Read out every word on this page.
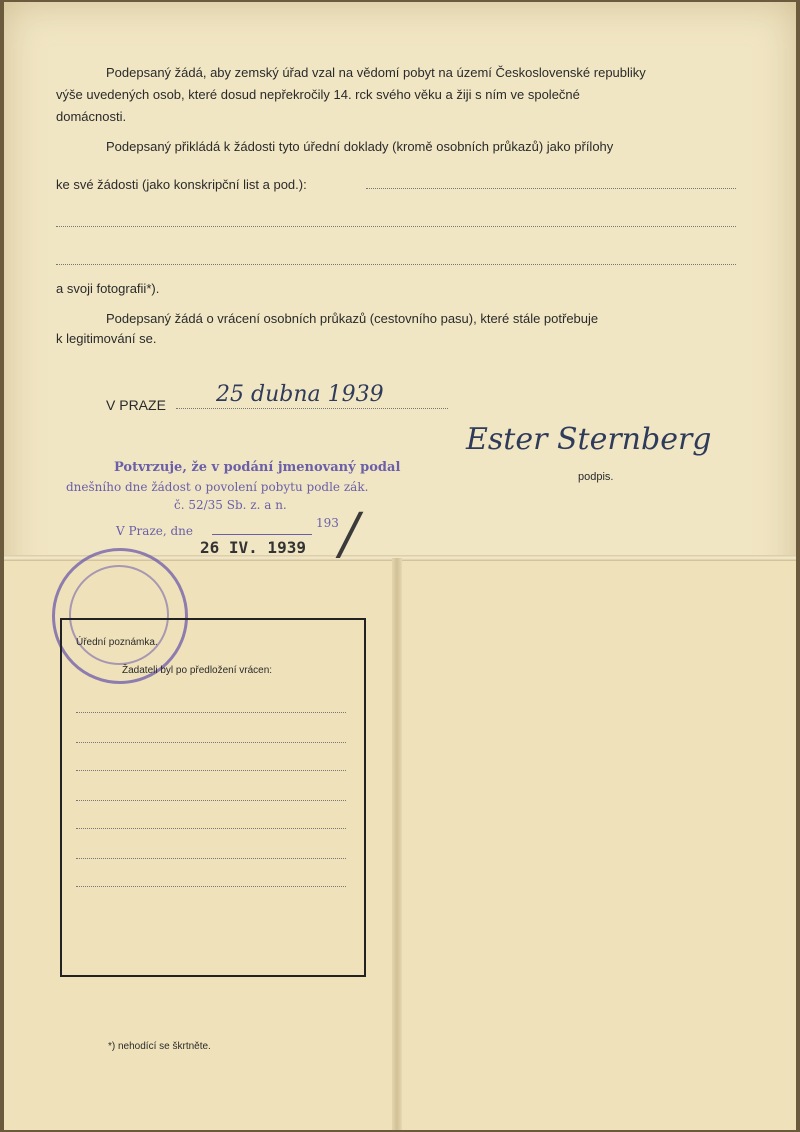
Podepsaný žádá, aby zemský úřad vzal na vědomí pobyt na území Československé republiky
výše uvedených osob, které dosud nepřekročily 14. rck svého věku a žiji s ním ve společné
domácnosti.
Podepsaný přikládá k žádosti tyto úřední doklady (kromě osobních průkazů) jako přílohy
ke své žádosti (jako konskripční list a pod.):
a svoji fotografii*).
Podepsaný žádá o vrácení osobních průkazů (cestovního pasu), které stále potřebuje
k legitimování se.
V PRAZE 25 dubna 1939
Ester Sternberg
podpis.
Potvrzuje, že v podání jmenovaný podal
dnešního dne žádost o povolení pobytu podle zák.
č. 52/35 Sb. z. a n.
V Praze, dne
193
26 IV. 1939 /
Úřední poznámka.
Žadateli byl po předložení vrácen:
*) nehodící se škrtněte.
